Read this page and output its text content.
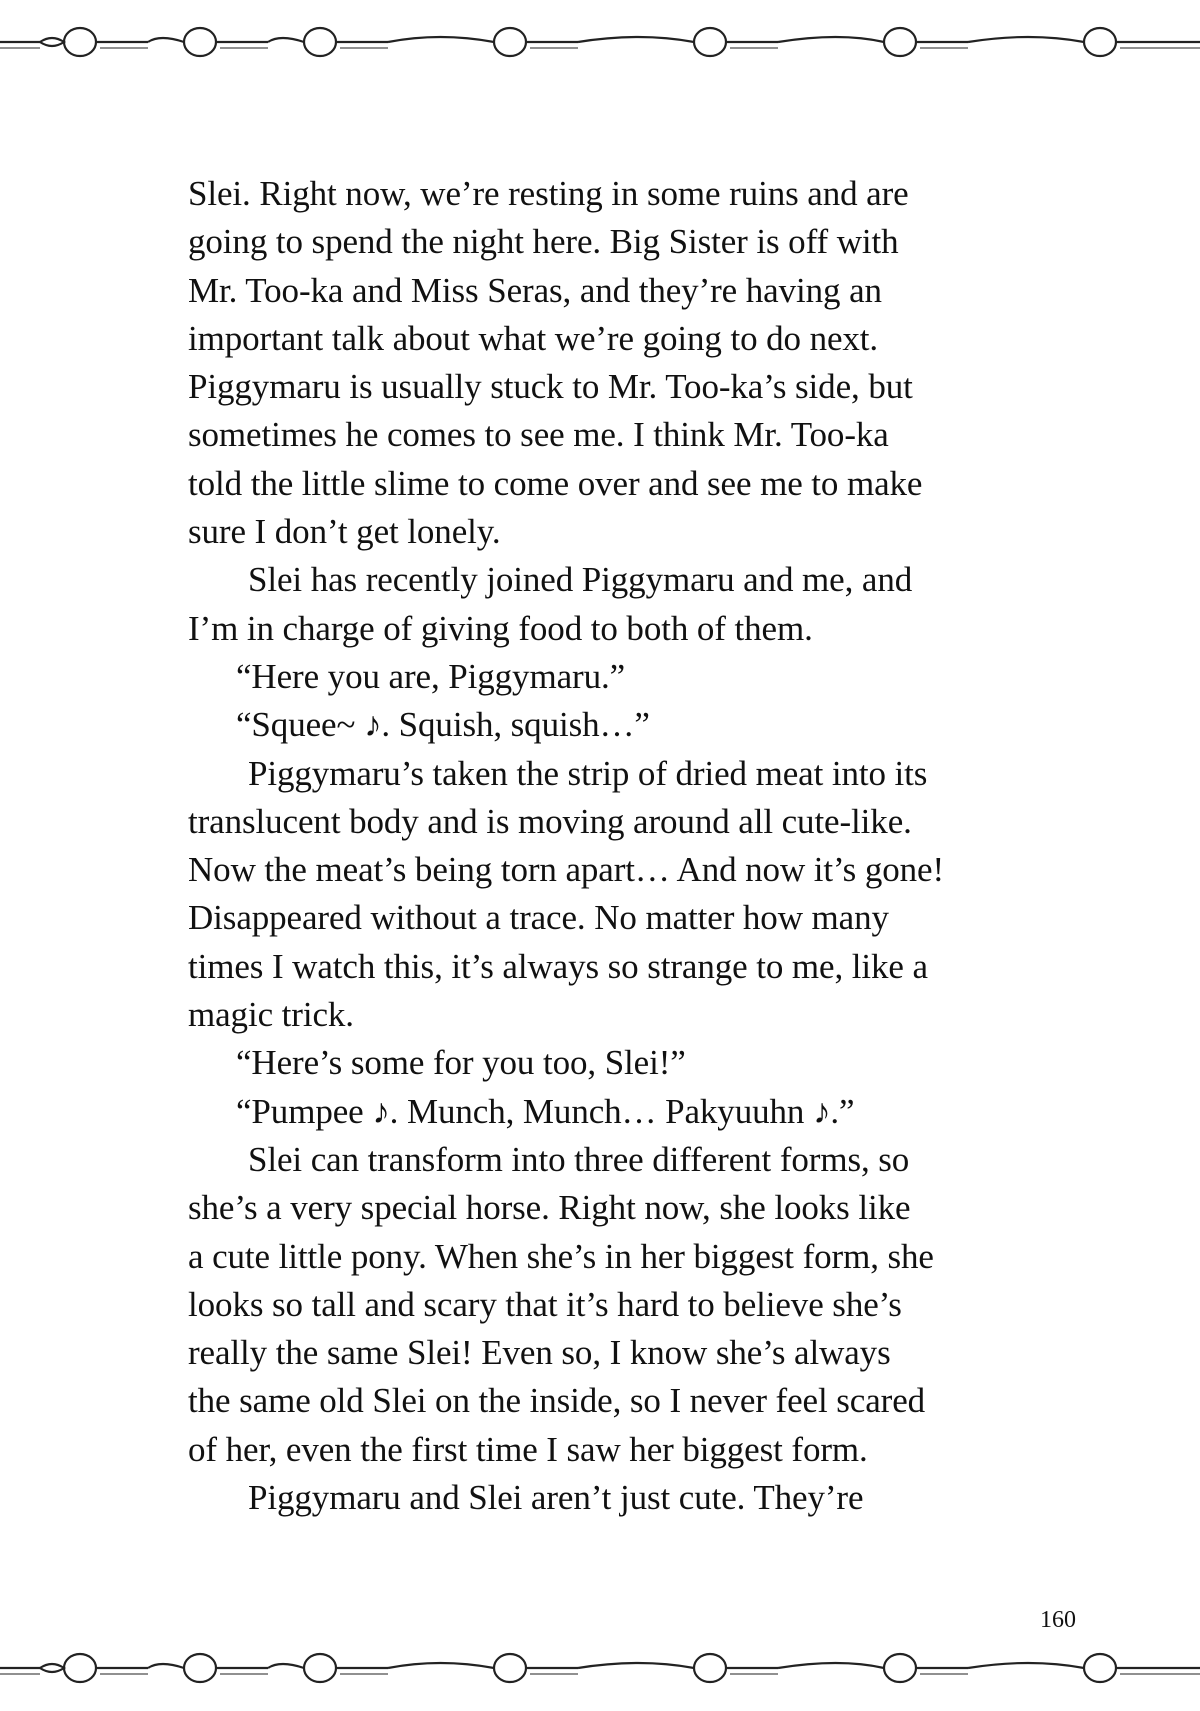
Slei. Right now, we’re resting in some ruins and are
going to spend the night here. Big Sister is off with
Mr. Too-ka and Miss Seras, and they’re having an
important talk about what we’re going to do next.
Piggymaru is usually stuck to Mr. Too-ka’s side, but
sometimes he comes to see me. I think Mr. Too-ka
told the little slime to come over and see me to make
sure I don’t get lonely.
Slei has recently joined Piggymaru and me, and
I’m in charge of giving food to both of them.
“Here you are, Piggymaru.”
“Squee~ ♪. Squish, squish…”
Piggymaru’s taken the strip of dried meat into its
translucent body and is moving around all cute-like.
Now the meat’s being torn apart… And now it’s gone!
Disappeared without a trace. No matter how many
times I watch this, it’s always so strange to me, like a
magic trick.
“Here’s some for you too, Slei!”
“Pumpee ♪. Munch, Munch… Pakyuuhn ♪.”
Slei can transform into three different forms, so
she’s a very special horse. Right now, she looks like
a cute little pony. When she’s in her biggest form, she
looks so tall and scary that it’s hard to believe she’s
really the same Slei! Even so, I know she’s always
the same old Slei on the inside, so I never feel scared
of her, even the first time I saw her biggest form.
Piggymaru and Slei aren’t just cute. They’re
160
